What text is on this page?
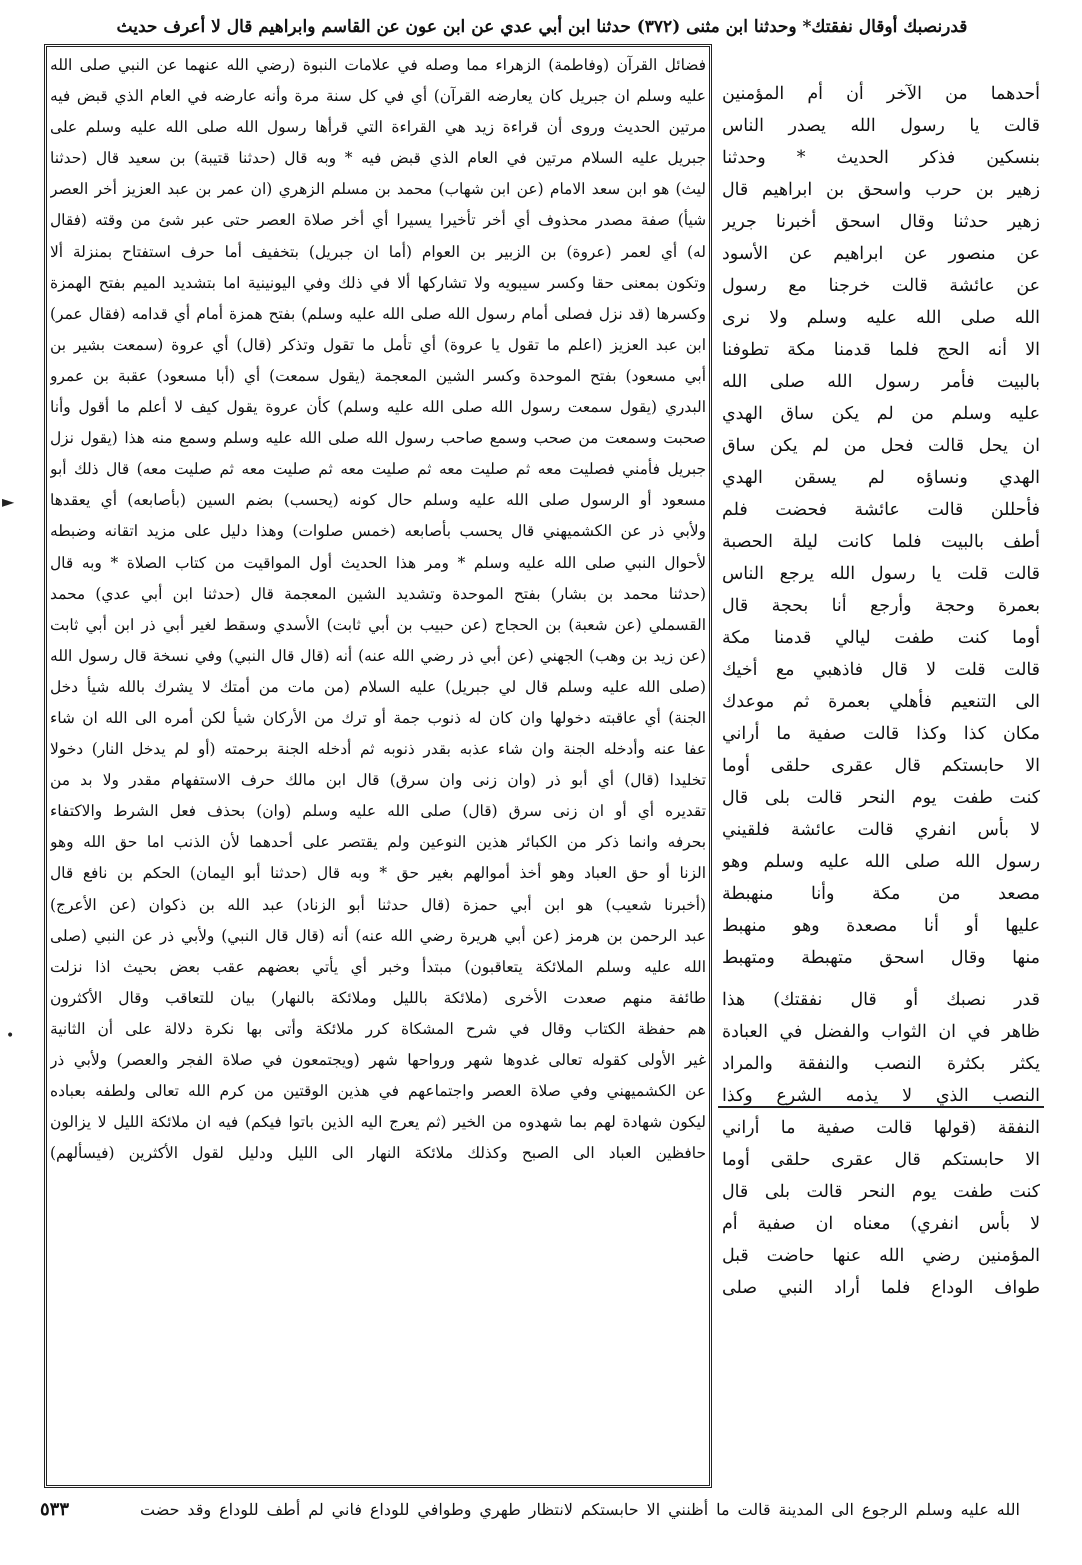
قدرنصبك أوقال نفقتك* وحدثنا ابن مثنى (٣٧٢) حدثنا ابن أبي عدي عن ابن عون عن القاسم وابراهيم قال لا أعرف حديث
فضائل القرآن (وفاطمة) الزهراء مما وصله في علامات النبوة (رضي الله عنهما عن النبي صلى الله
عليه وسلم ان جبريل كان يعارضه القرآن) أي في كل سنة مرة وأنه عارضه في العام الذي قبض فيه
مرتين الحديث وروى أن قراءة زيد هي القراءة التي قرأها رسول الله صلى الله عليه وسلم على
جبريل عليه السلام مرتين في العام الذي قبض فيه * وبه قال (حدثنا قتيبة) بن سعيد قال (حدثنا
ليث) هو ابن سعد الامام (عن ابن شهاب) محمد بن مسلم الزهري (ان عمر بن عبد العزيز أخر العصر
شيأ) صفة مصدر محذوف أي أخر تأخيرا يسيرا أي أخر صلاة العصر حتى عبر شئ من وقته (فقال
له) أي لعمر (عروة) بن الزبير بن العوام (أما ان جبريل) بتخفيف أما حرف استفتاح بمنزلة ألا
وتكون بمعنى حقا وكسر سيبويه ولا تشاركها ألا في ذلك وفي اليونينية اما بتشديد الميم بفتح الهمزة
وكسرها (قد نزل فصلى أمام رسول الله صلى الله عليه وسلم) بفتح همزة أمام أي قدامه (فقال عمر)
ابن عبد العزيز (اعلم ما تقول يا عروة) أي تأمل ما تقول وتذكر (قال) أي عروة (سمعت بشير بن
أبي مسعود) بفتح الموحدة وكسر الشين المعجمة (يقول سمعت) أي (أبا مسعود) عقبة بن عمرو
البدري (يقول سمعت رسول الله صلى الله عليه وسلم) كأن عروة يقول كيف لا أعلم ما أقول وأنا
صحبت وسمعت من صحب وسمع صاحب رسول الله صلى الله عليه وسلم وسمع منه هذا (يقول نزل
جبريل فأمني فصليت معه ثم صليت معه ثم صليت معه ثم صليت معه ثم صليت معه) قال ذلك أبو
مسعود أو الرسول صلى الله عليه وسلم حال كونه (يحسب) بضم السين (بأصابعه) أي يعقدها
ولأبي ذر عن الكشميهني قال يحسب بأصابعه (خمس صلوات) وهذا دليل على مزيد اتقانه وضبطه
لأحوال النبي صلى الله عليه وسلم * ومر هذا الحديث أول المواقيت من كتاب الصلاة * وبه قال
(حدثنا محمد بن بشار) بفتح الموحدة وتشديد الشين المعجمة قال (حدثنا ابن أبي عدي) محمد
القسملي (عن شعبة) بن الحجاج (عن حبيب بن أبي ثابت) الأسدي وسقط لغير أبي ذر ابن أبي ثابت
(عن زيد بن وهب) الجهني (عن أبي ذر رضي الله عنه) أنه (قال قال النبي) وفي نسخة قال رسول الله
(صلى الله عليه وسلم قال لي جبريل) عليه السلام (من مات من أمتك لا يشرك بالله شيأ دخل
الجنة) أي عاقبته دخولها وان كان له ذنوب جمة أو ترك من الأركان شيأ لكن أمره الى الله ان شاء
عفا عنه وأدخله الجنة وان شاء عذبه بقدر ذنوبه ثم أدخله الجنة برحمته (أو لم يدخل النار) دخولا
تخليدا (قال) أي أبو ذر (وان زنى وان سرق) قال ابن مالك حرف الاستفهام مقدر ولا بد من
تقديره أي أو ان زنى سرق (قال) صلى الله عليه وسلم (وان) بحذف فعل الشرط والاكتفاء
بحرفه وانما ذكر من الكبائر هذين النوعين ولم يقتصر على أحدهما لأن الذنب اما حق الله وهو
الزنا أو حق العباد وهو أخذ أموالهم بغير حق * وبه قال (حدثنا أبو اليمان) الحكم بن نافع قال
(أخبرنا شعيب) هو ابن أبي حمزة (قال حدثنا أبو الزناد) عبد الله بن ذكوان (عن الأعرج)
عبد الرحمن بن هرمز (عن أبي هريرة رضي الله عنه) أنه (قال قال النبي) ولأبي ذر عن النبي (صلى
الله عليه وسلم الملائكة يتعاقبون) مبتدأ وخبر أي يأتي بعضهم عقب بعض بحيث اذا نزلت
طائفة منهم صعدت الأخرى (ملائكة بالليل وملائكة بالنهار) بيان للتعاقب وقال الأكثرون
هم حفظة الكتاب وقال في شرح المشكاة كرر ملائكة وأتى بها نكرة دلالة على أن الثانية
غير الأولى كقوله تعالى غدوها شهر ورواحها شهر (ويجتمعون في صلاة الفجر والعصر) ولأبي ذر
عن الكشميهني وفي صلاة العصر واجتماعهم في هذين الوقتين من كرم الله تعالى ولطفه بعباده
ليكون شهادة لهم بما شهدوه من الخير (ثم يعرج اليه الذين باتوا فيكم) فيه ان ملائكة الليل لا يزالون
حافظين العباد الى الصبح وكذلك ملائكة النهار الى الليل ودليل لقول الأكثرين (فيسألهم)
أحدهما من الآخر أن أم المؤمنين
قالت يا رسول الله يصدر الناس
بنسكين فذكر الحديث * وحدثنا
زهير بن حرب واسحق بن ابراهيم قال
زهير حدثنا وقال اسحق أخبرنا جرير
عن منصور عن ابراهيم عن الأسود
عن عائشة قالت خرجنا مع رسول
الله صلى الله عليه وسلم ولا نرى
الا أنه الحج فلما قدمنا مكة تطوفنا
بالبيت فأمر رسول الله صلى الله
عليه وسلم من لم يكن ساق الهدي
ان يحل قالت فحل من لم يكن ساق
الهدي ونساؤه لم يسقن الهدي
فأحللن قالت عائشة فحضت فلم
أطف بالبيت فلما كانت ليلة الحصبة
قالت قلت يا رسول الله يرجع الناس
بعمرة وحجة وأرجع أنا بحجة قال
أوما كنت طفت ليالي قدمنا مكة
قالت قلت لا قال فاذهبي مع أخيك
الى التنعيم فأهلي بعمرة ثم موعدك
مكان كذا وكذا قالت صفية ما أراني
الا حابستكم قال عقرى حلقى أوما
كنت طفت يوم النحر قالت بلى قال
لا بأس انفري قالت عائشة فلقيني
رسول الله صلى الله عليه وسلم وهو
مصعد من مكة وأنا منهبطة
عليها أو أنا مصعدة وهو منهبط
منها وقال اسحق متهبطة ومتهبط
قدر نصبك أو قال نفقتك) هذا
ظاهر في ان الثواب والفضل في العبادة
يكثر بكثرة النصب والنفقة والمراد
النصب الذي لا يذمه الشرع وكذا
النفقة (قولها قالت صفية ما أراني
الا حابستكم قال عقرى حلقى أوما
كنت طفت يوم النحر قالت بلى قال
لا بأس انفري) معناه ان صفية أم
المؤمنين رضي الله عنها حاضت قبل
طواف الوداع فلما أراد النبي صلى
الله عليه وسلم الرجوع الى المدينة قالت ما أظنني الا حابستكم لانتظار طهري وطوافي للوداع فاني لم أطف للوداع وقد حضت
٥٣٣
►
•
